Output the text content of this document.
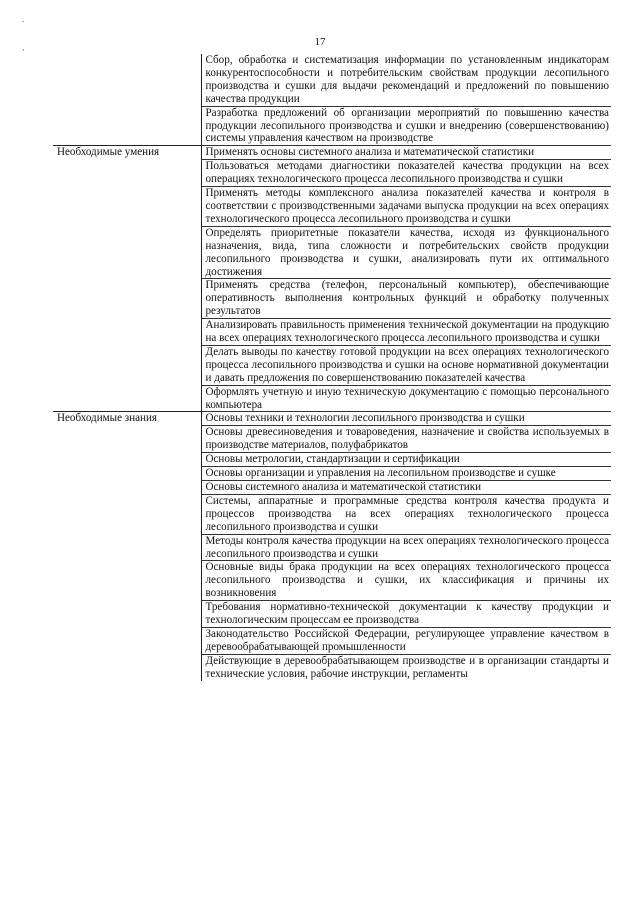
.
,	17
	Сбор, обработка и систематизация информации по установленным индикаторам конкурентоспособности и потребительским свойствам продукции лесопильного производства и сушки для выдачи рекомендаций и предложений по повышению качества продукции
	Разработка предложений об организации мероприятий по повышению качества продукции лесопильного производства и сушки и внедрению (совершенствованию) системы управления качеством на производстве
Необходимые умения	Применять основы системного анализа и математической статистики
	Пользоваться методами диагностики показателей качества продукции на всех операциях технологического процесса лесопильного производства и сушки
	Применять методы комплексного анализа показателей качества и контроля в соответствии с производственными задачами выпуска продукции на всех операциях технологического процесса лесопильного производства и сушки
	Определять приоритетные показатели качества, исходя из функционального назначения, вида, типа сложности и потребительских свойств продукции лесопильного производства и сушки, анализировать пути их оптимального достижения
	Применять средства (телефон, персональный компьютер), обеспечивающие оперативность выполнения контрольных функций и обработку полученных результатов
	Анализировать правильность применения технической документации на продукцию на всех операциях технологического процесса лесопильного производства и сушки
	Делать выводы по качеству готовой продукции на всех операциях технологического процесса лесопильного производства и сушки на основе нормативной документации и давать предложения по совершенствованию показателей качества
	Оформлять учетную и иную техническую документацию с помощью персонального компьютера
Необходимые знания	Основы техники и технологии лесопильного производства и сушки
	Основы древесиноведения и товароведения, назначение и свойства используемых в производстве материалов, полуфабрикатов
	Основы метрологии, стандартизации и сертификации
	Основы организации и управления на лесопильном производстве и сушке
	Основы системного анализа и математической статистики
	Системы, аппаратные и программные средства контроля качества продукта и процессов производства на всех операциях технологического процесса лесопильного производства и сушки
	Методы контроля качества продукции на всех операциях технологического процесса лесопильного производства и сушки
	Основные виды брака продукции на всех операциях технологического процесса лесопильного производства и сушки, их классификация и причины их возникновения
	Требования нормативно-технической документации к качеству продукции и технологическим процессам ее производства
	Законодательство Российской Федерации, регулирующее управление качеством в деревообрабатывающей промышленности
	Действующие в деревообрабатывающем производстве и в организации стандарты и технические условия, рабочие инструкции, регламенты
